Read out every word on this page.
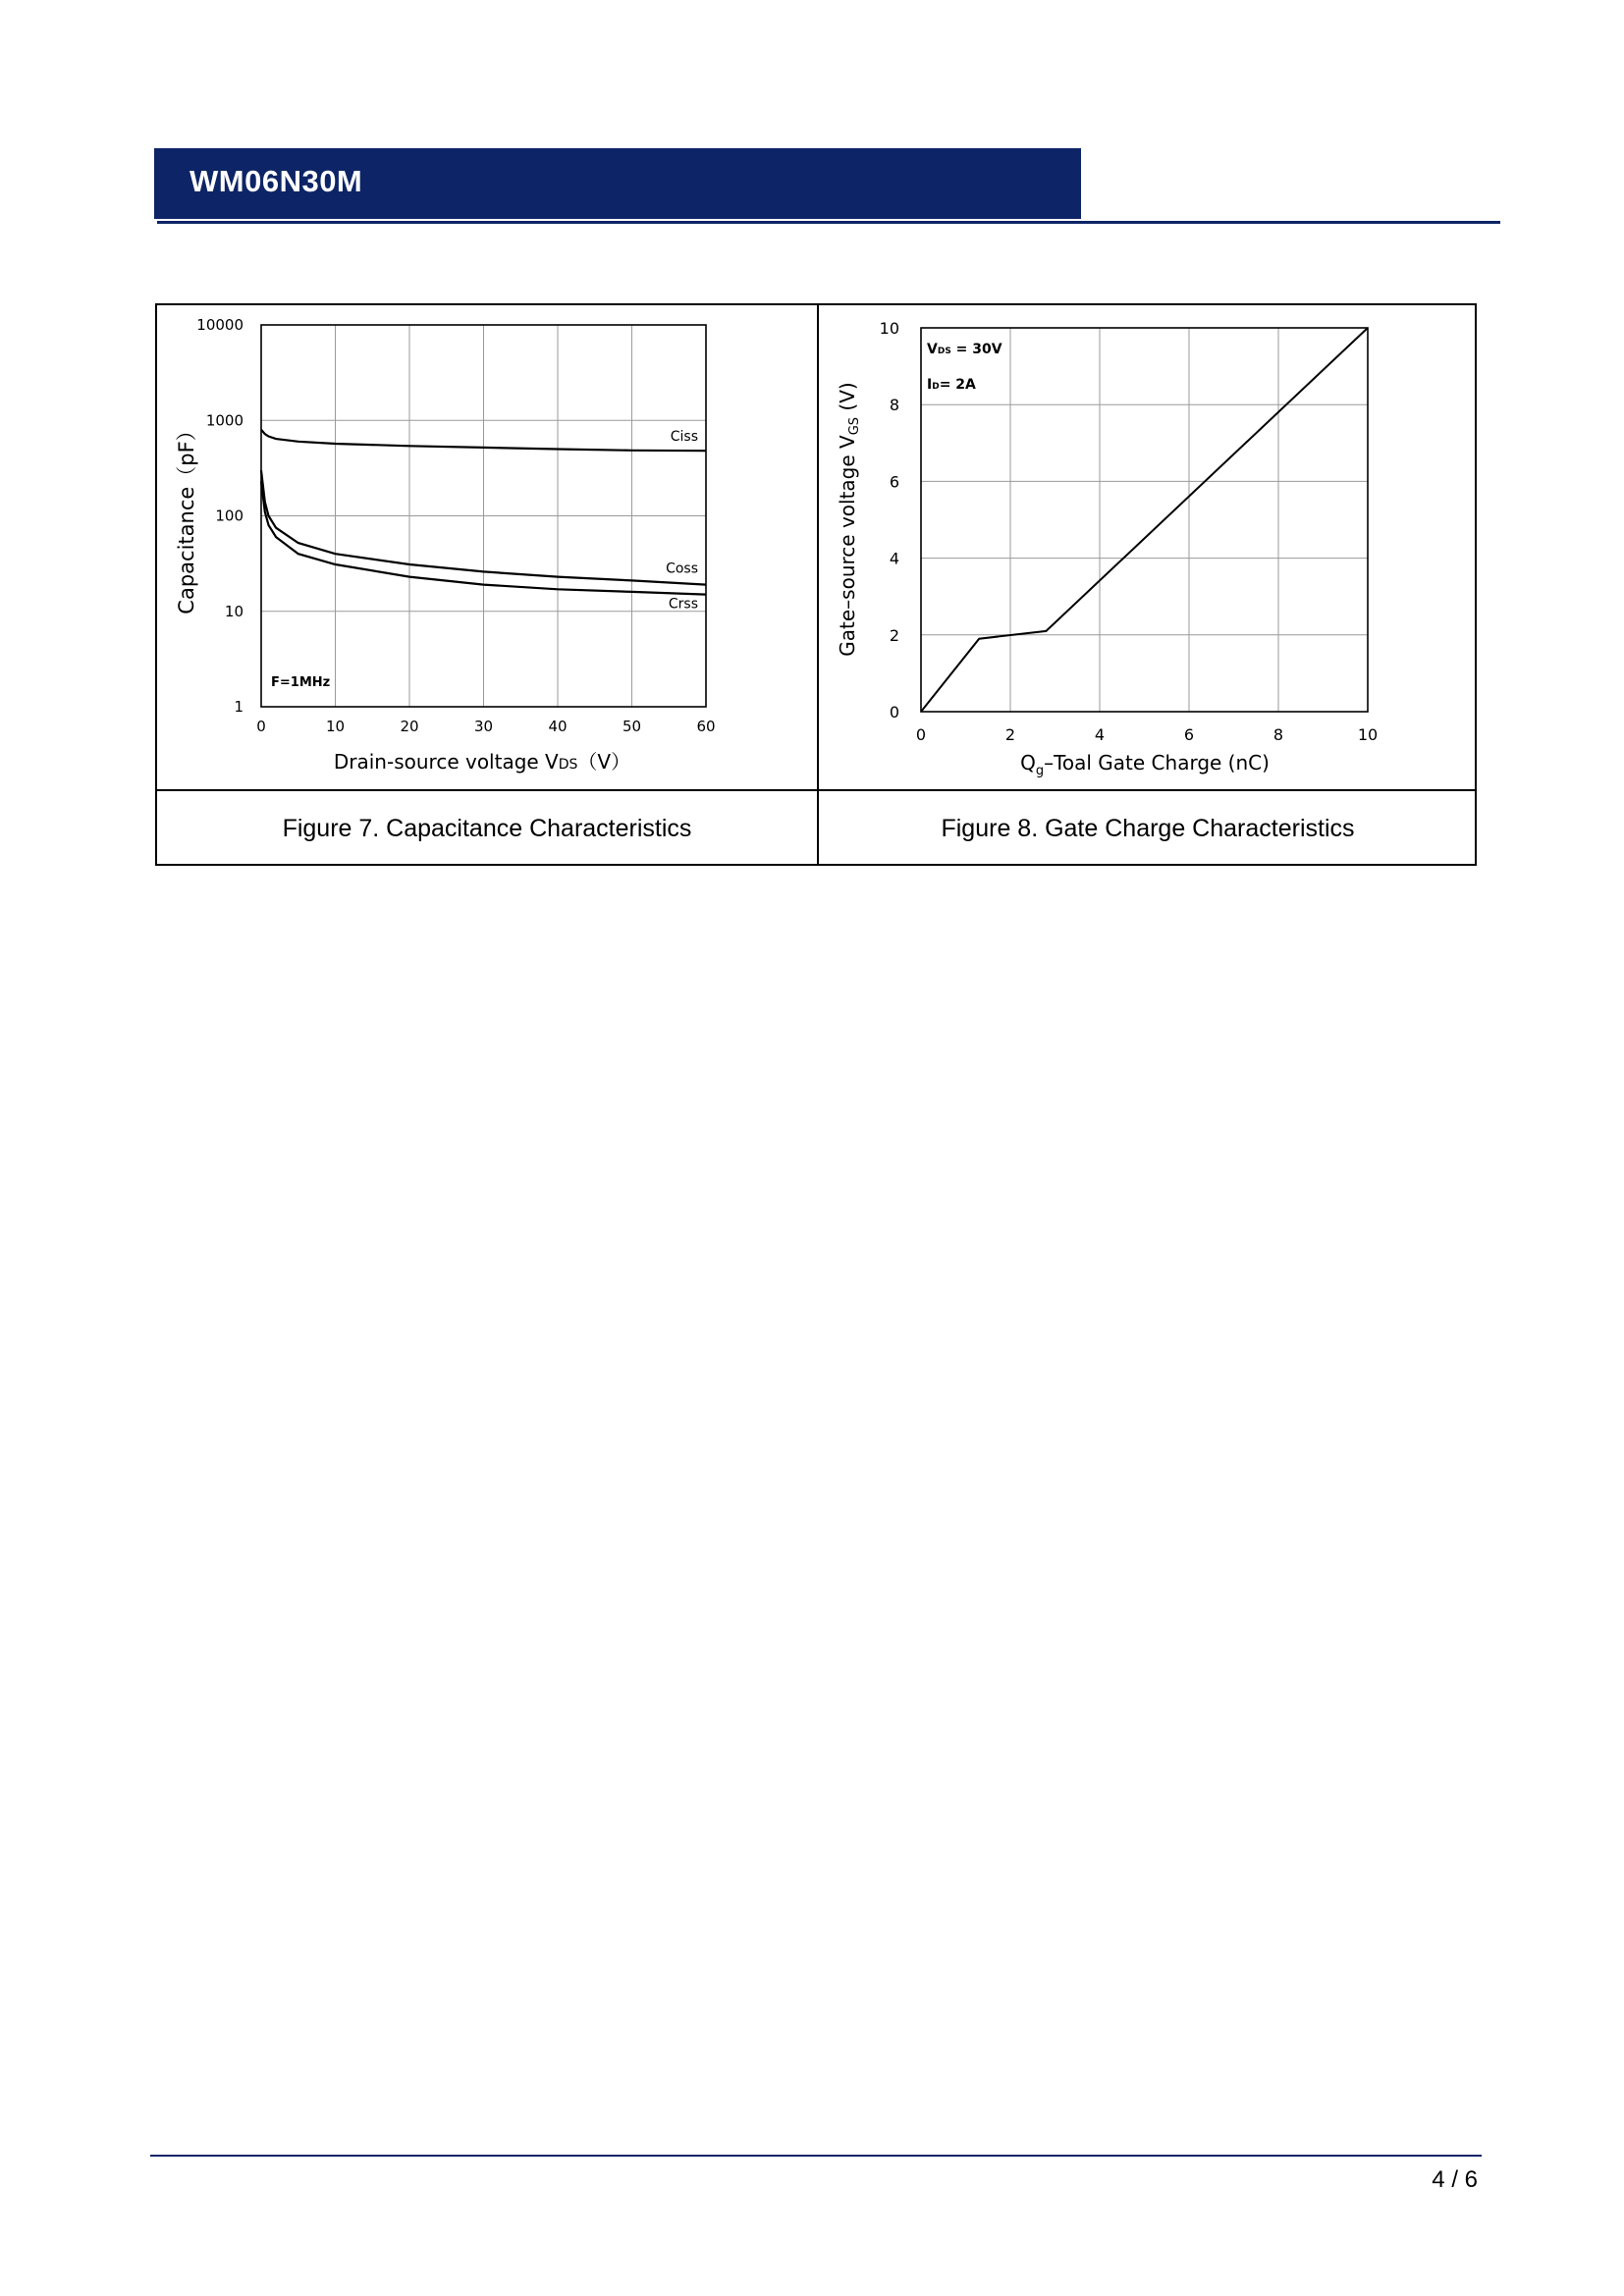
WM06N30M
1
10
100
1000
10000
0	10	20	30	40	50	60
F=1MHz
Ciss
Coss
Crss
Capacitance（pF）
Drain-source voltage VDS（V）
0
2
4
6
8
10
0	2	4	6	8	10
VDS = 30V
ID= 2A
Gate–source voltage $V_{GS}$ (V)
$Q_g$–Toal Gate Charge (nC)
Figure 7. Capacitance Characteristics	Figure 8. Gate Charge Characteristics
4 / 6
